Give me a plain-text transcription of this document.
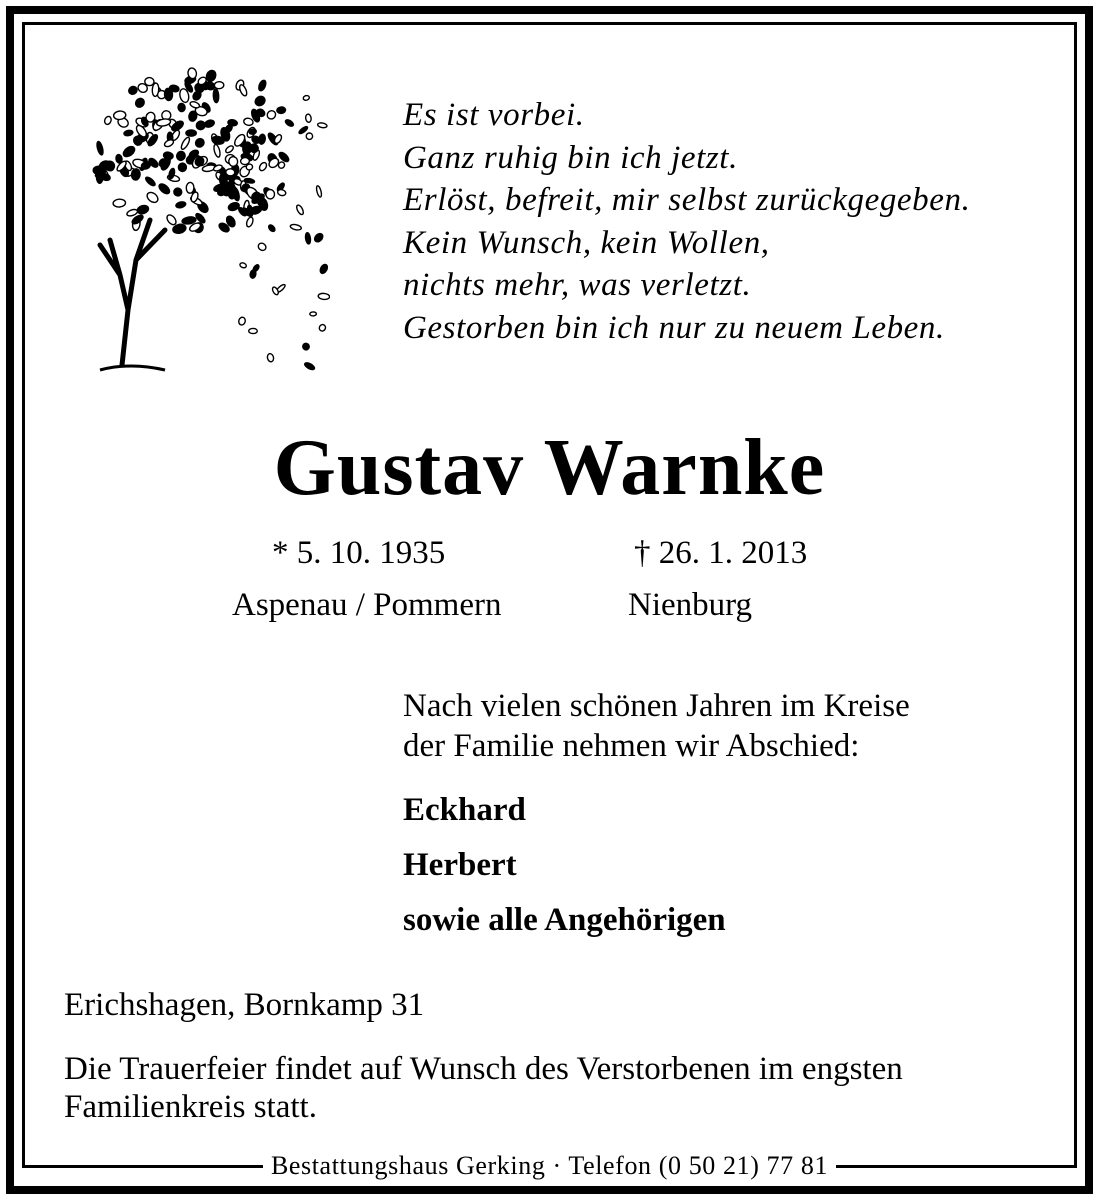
Es ist vorbei.
Ganz ruhig bin ich jetzt.
Erlöst, befreit, mir selbst zurückgegeben.
Kein Wunsch, kein Wollen,
nichts mehr, was verletzt.
Gestorben bin ich nur zu neuem Leben.
Gustav Warnke
* 5. 10. 1935
Aspenau / Pommern
† 26. 1. 2013
Nienburg
Nach vielen schönen Jahren im Kreise
der Familie nehmen wir Abschied:
Eckhard
Herbert
sowie alle Angehörigen
Erichshagen, Bornkamp 31
Die Trauerfeier findet auf Wunsch des Verstorbenen im engsten
Familienkreis statt.
Bestattungshaus Gerking · Telefon (0 50 21) 77 81
